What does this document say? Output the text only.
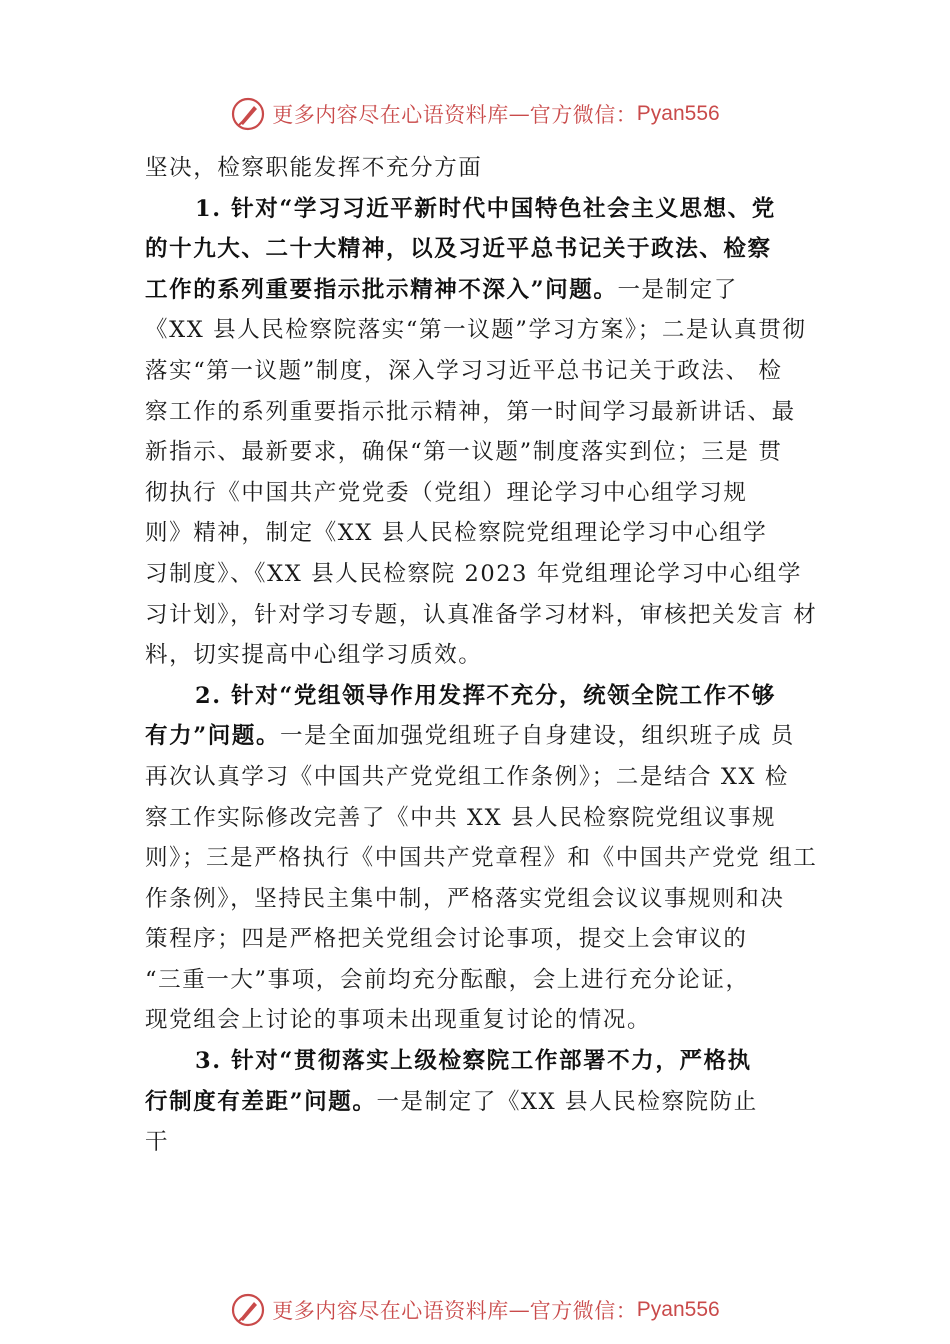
更多内容尽在心语资料库 — 官方微信 ： Pyan556
坚决，检察职能发挥不充分方面
1. 针对“学习习近平新时代中国特色社会主义思想、党
的十九大、二十大精神，以及习近平总书记关于政法、检察
工作的系列重要指示批示精神不深入”问题。一是制定了
《XX 县人民检察院落实“第一议题”学习方案》；二是认真贯彻
落实“第一议题”制度，深入学习习近平总书记关于政法、 检
察工作的系列重要指示批示精神，第一时间学习最新讲话、最
新指示、最新要求，确保“第一议题”制度落实到位；三是 贯
彻执行《中国共产党党委（党组）理论学习中心组学习规
则》精神，制定《XX 县人民检察院党组理论学习中心组学
习制度》、《XX 县人民检察院 2023 年党组理论学习中心组学
习计划》，针对学习专题，认真准备学习材料，审核把关发言 材
料，切实提高中心组学习质效。
2. 针对“党组领导作用发挥不充分，统领全院工作不够
有力”问题。一是全面加强党组班子自身建设，组织班子成 员
再次认真学习《中国共产党党组工作条例》；二是结合 XX 检
察工作实际修改完善了《中共 XX 县人民检察院党组议事规
则》；三是严格执行《中国共产党章程》和《中国共产党党 组工
作条例》，坚持民主集中制，严格落实党组会议议事规则和决
策程序；四是严格把关党组会讨论事项，提交上会审议的
“三重一大”事项，会前均充分酝酿，会上进行充分论证，
现党组会上讨论的事项未出现重复讨论的情况。
3. 针对“贯彻落实上级检察院工作部署不力，严格执
行制度有差距”问题。一是制定了《XX 县人民检察院防止
干
更多内容尽在心语资料库 — 官方微信 ： Pyan556
